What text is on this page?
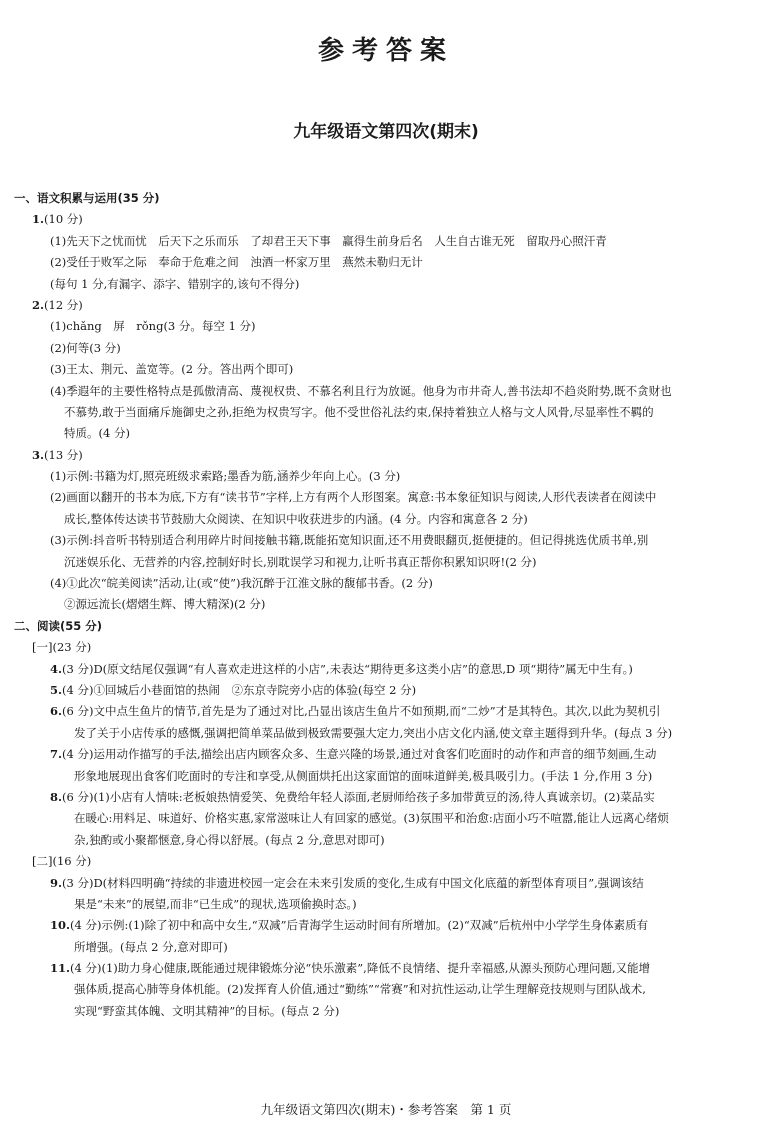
参考答案
九年级语文第四次(期末)
一、语文积累与运用(35 分)
1.(10 分)
(1)先天下之忧而忧　后天下之乐而乐　了却君王天下事　赢得生前身后名　人生自古谁无死　留取丹心照汗青
(2)受任于败军之际　奉命于危难之间　浊酒一杯家万里　燕然未勒归无计
(每句 1 分,有漏字、添字、错别字的,该句不得分)
2.(12 分)
(1)chǎng　屏　rǒng(3 分。每空 1 分)
(2)何等(3 分)
(3)王太、荆元、盖宽等。(2 分。答出两个即可)
(4)季遐年的主要性格特点是孤傲清高、蔑视权贵、不慕名利且行为放诞。他身为市井奇人,善书法却不趋炎附势,既不贪财也
不慕势,敢于当面痛斥施御史之孙,拒绝为权贵写字。他不受世俗礼法约束,保持着独立人格与文人风骨,尽显率性不羁的
特质。(4 分)
3.(13 分)
(1)示例:书籍为灯,照亮班级求索路;墨香为筋,涵养少年向上心。(3 分)
(2)画面以翻开的书本为底,下方有“读书节”字样,上方有两个人形图案。寓意:书本象征知识与阅读,人形代表读者在阅读中
成长,整体传达读书节鼓励大众阅读、在知识中收获进步的内涵。(4 分。内容和寓意各 2 分)
(3)示例:抖音听书特别适合利用碎片时间接触书籍,既能拓宽知识面,还不用费眼翻页,挺便捷的。但记得挑选优质书单,别
沉迷娱乐化、无营养的内容,控制好时长,别耽误学习和视力,让听书真正帮你积累知识呀!(2 分)
(4)①此次“皖美阅读”活动,让(或“使”)我沉醉于江淮文脉的馥郁书香。(2 分)
②源远流长(熠熠生辉、博大精深)(2 分)
二、阅读(55 分)
[一](23 分)
4.(3 分)D(原文结尾仅强调“有人喜欢走进这样的小店”,未表达“期待更多这类小店”的意思,D 项“期待”属无中生有。)
5.(4 分)①回城后小巷面馆的热闹　②东京寺院旁小店的体验(每空 2 分)
6.(6 分)文中点生鱼片的情节,首先是为了通过对比,凸显出该店生鱼片不如预期,而“二炒”才是其特色。其次,以此为契机引
发了关于小店传承的感慨,强调把简单菜品做到极致需要强大定力,突出小店文化内涵,使文章主题得到升华。(每点 3 分)
7.(4 分)运用动作描写的手法,描绘出店内顾客众多、生意兴隆的场景,通过对食客们吃面时的动作和声音的细节刻画,生动
形象地展现出食客们吃面时的专注和享受,从侧面烘托出这家面馆的面味道鲜美,极具吸引力。(手法 1 分,作用 3 分)
8.(6 分)(1)小店有人情味:老板娘热情爱笑、免费给年轻人添面,老厨师给孩子多加带黄豆的汤,待人真诚亲切。(2)菜品实
在暖心:用料足、味道好、价格实惠,家常滋味让人有回家的感觉。(3)氛围平和治愈:店面小巧不喧嚣,能让人远离心绪烦
杂,独酌或小聚都惬意,身心得以舒展。(每点 2 分,意思对即可)
[二](16 分)
9.(3 分)D(材料四明确“持续的非遗进校园一定会在未来引发质的变化,生成有中国文化底蕴的新型体育项目”,强调该结
果是“未来”的展望,而非“已生成”的现状,选项偷换时态。)
10.(4 分)示例:(1)除了初中和高中女生,“双减”后青海学生运动时间有所增加。(2)“双减”后杭州中小学学生身体素质有
所增强。(每点 2 分,意对即可)
11.(4 分)(1)助力身心健康,既能通过规律锻炼分泌“快乐激素”,降低不良情绪、提升幸福感,从源头预防心理问题,又能增
强体质,提高心肺等身体机能。(2)发挥育人价值,通过“勤练”“常赛”和对抗性运动,让学生理解竞技规则与团队战术,
实现“野蛮其体魄、文明其精神”的目标。(每点 2 分)
九年级语文第四次(期末)・参考答案　第 1 页
